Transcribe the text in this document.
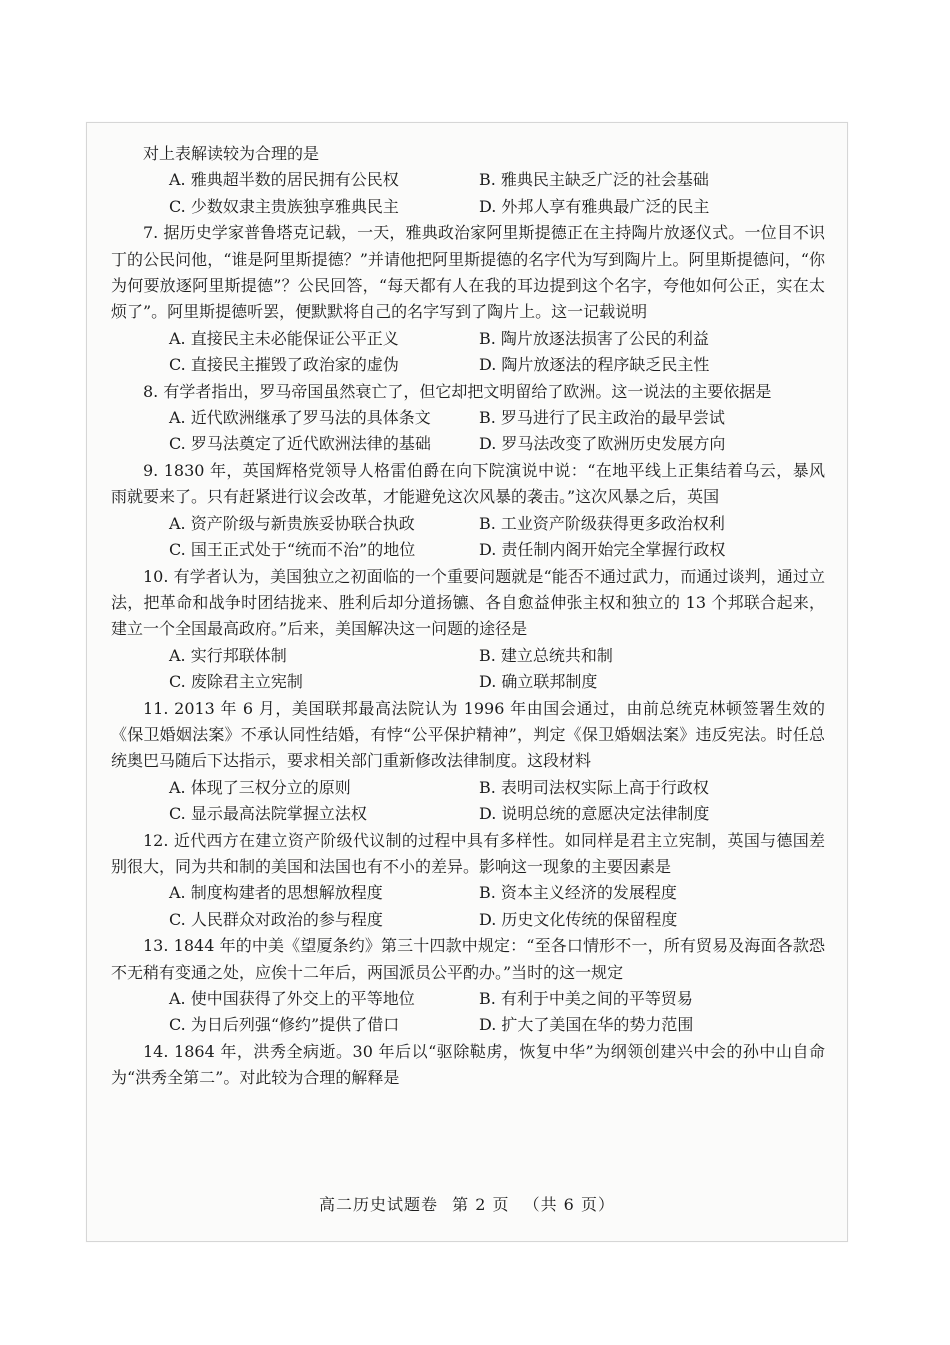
对上表解读较为合理的是

A. 雅典超半数的居民拥有公民权	B. 雅典民主缺乏广泛的社会基础
C. 少数奴隶主贵族独享雅典民主	D. 外邦人享有雅典最广泛的民主

7. 据历史学家普鲁塔克记载，一天，雅典政治家阿里斯提德正在主持陶片放逐仪式。一位目不识丁的公民问他，“谁是阿里斯提德？”并请他把阿里斯提德的名字代为写到陶片上。阿里斯提德问，“你为何要放逐阿里斯提德”？公民回答，“每天都有人在我的耳边提到这个名字，夸他如何公正，实在太烦了”。阿里斯提德听罢，便默默将自己的名字写到了陶片上。这一记载说明

A. 直接民主未必能保证公平正义	B. 陶片放逐法损害了公民的利益
C. 直接民主摧毁了政治家的虚伪	D. 陶片放逐法的程序缺乏民主性

8. 有学者指出，罗马帝国虽然衰亡了，但它却把文明留给了欧洲。这一说法的主要依据是

A. 近代欧洲继承了罗马法的具体条文	B. 罗马进行了民主政治的最早尝试
C. 罗马法奠定了近代欧洲法律的基础	D. 罗马法改变了欧洲历史发展方向

9. 1830 年，英国辉格党领导人格雷伯爵在向下院演说中说：“在地平线上正集结着乌云，暴风雨就要来了。只有赶紧进行议会改革，才能避免这次风暴的袭击。”这次风暴之后，英国

A. 资产阶级与新贵族妥协联合执政	B. 工业资产阶级获得更多政治权利
C. 国王正式处于“统而不治”的地位	D. 责任制内阁开始完全掌握行政权

10. 有学者认为，美国独立之初面临的一个重要问题就是“能否不通过武力，而通过谈判，通过立法，把革命和战争时团结拢来、胜利后却分道扬镳、各自愈益伸张主权和独立的 13 个邦联合起来，建立一个全国最高政府。”后来，美国解决这一问题的途径是

A. 实行邦联体制	B. 建立总统共和制
C. 废除君主立宪制	D. 确立联邦制度

11. 2013 年 6 月，美国联邦最高法院认为 1996 年由国会通过，由前总统克林顿签署生效的《保卫婚姻法案》不承认同性结婚，有悖“公平保护精神”，判定《保卫婚姻法案》违反宪法。时任总统奥巴马随后下达指示，要求相关部门重新修改法律制度。这段材料

A. 体现了三权分立的原则	B. 表明司法权实际上高于行政权
C. 显示最高法院掌握立法权	D. 说明总统的意愿决定法律制度

12. 近代西方在建立资产阶级代议制的过程中具有多样性。如同样是君主立宪制，英国与德国差别很大，同为共和制的美国和法国也有不小的差异。影响这一现象的主要因素是

A. 制度构建者的思想解放程度	B. 资本主义经济的发展程度
C. 人民群众对政治的参与程度	D. 历史文化传统的保留程度

13. 1844 年的中美《望厦条约》第三十四款中规定：“至各口情形不一，所有贸易及海面各款恐不无稍有变通之处，应俟十二年后，两国派员公平酌办。”当时的这一规定

A. 使中国获得了外交上的平等地位	B. 有利于中美之间的平等贸易
C. 为日后列强“修约”提供了借口	D. 扩大了美国在华的势力范围

14. 1864 年，洪秀全病逝。30 年后以“驱除鞑虏，恢复中华”为纲领创建兴中会的孙中山自命为“洪秀全第二”。对此较为合理的解释是

高二历史试题卷 第 2 页 （共 6 页）
